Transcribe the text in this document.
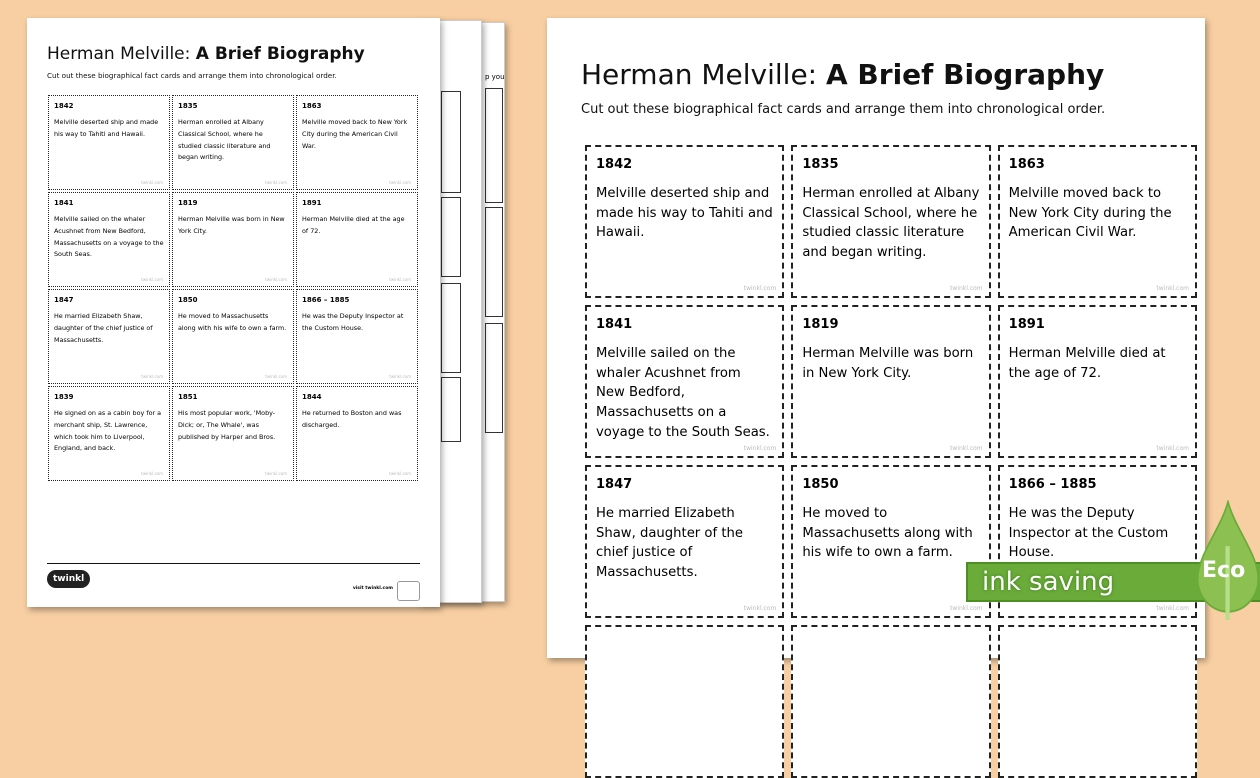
p you
Herman Melville: A Brief Biography
Cut out these biographical fact cards and arrange them into chronological order.
1842
Melville deserted ship and made his way to Tahiti and Hawaii.
twinkl.com
1835
Herman enrolled at Albany Classical School, where he studied classic literature and began writing.
twinkl.com
1863
Melville moved back to New York City during the American Civil War.
twinkl.com
1841
Melville sailed on the whaler Acushnet from New Bedford, Massachusetts on a voyage to the South Seas.
twinkl.com
1819
Herman Melville was born in New York City.
twinkl.com
1891
Herman Melville died at the age of 72.
twinkl.com
1847
He married Elizabeth Shaw, daughter of the chief justice of Massachusetts.
twinkl.com
1850
He moved to Massachusetts along with his wife to own a farm.
twinkl.com
1866 – 1885
He was the Deputy Inspector at the Custom House.
twinkl.com
1839
He signed on as a cabin boy for a merchant ship, St. Lawrence, which took him to Liverpool, England, and back.
twinkl.com
1851
His most popular work, 'Moby-Dick; or, The Whale', was published by Harper and Bros.
twinkl.com
1844
He returned to Boston and was discharged.
twinkl.com
twinkl
visit twinkl.com
Herman Melville: A Brief Biography
Cut out these biographical fact cards and arrange them into chronological order.
1842
Melville deserted ship and made his way to Tahiti and Hawaii.
twinkl.com
1835
Herman enrolled at Albany Classical School, where he studied classic literature and began writing.
twinkl.com
1863
Melville moved back to New York City during the American Civil War.
twinkl.com
1841
Melville sailed on the whaler Acushnet from New Bedford, Massachusetts on a voyage to the South Seas.
twinkl.com
1819
Herman Melville was born in New York City.
twinkl.com
1891
Herman Melville died at the age of 72.
twinkl.com
1847
He married Elizabeth Shaw, daughter of the chief justice of Massachusetts.
twinkl.com
1850
He moved to Massachusetts along with his wife to own a farm.
twinkl.com
1866 – 1885
He was the Deputy Inspector at the Custom House.
twinkl.com
ink saving	Eco
